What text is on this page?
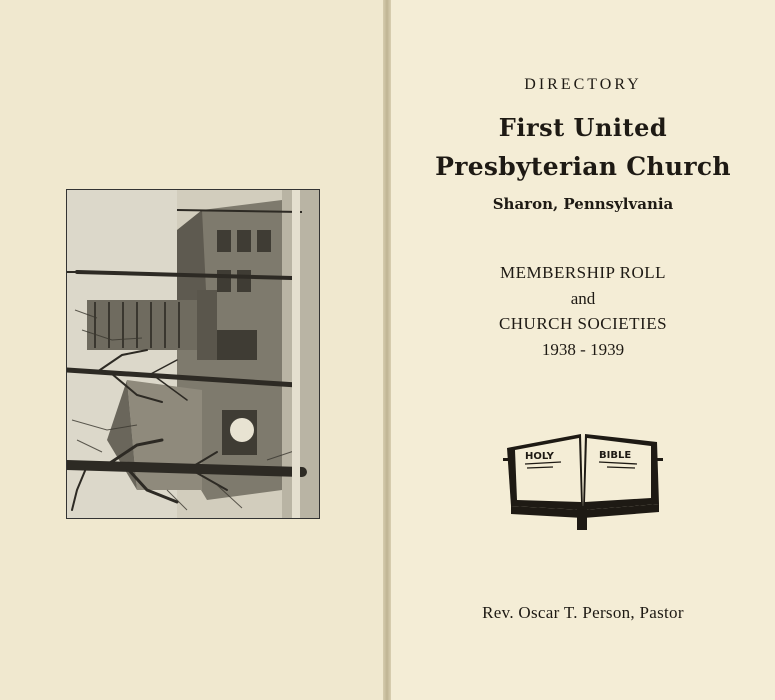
DIRECTORY
First United
Presbyterian Church
Sharon, Pennsylvania
MEMBERSHIP ROLL
and
CHURCH SOCIETIES
1938 - 1939
HOLY	BIBLE
Rev. Oscar T. Person, Pastor
